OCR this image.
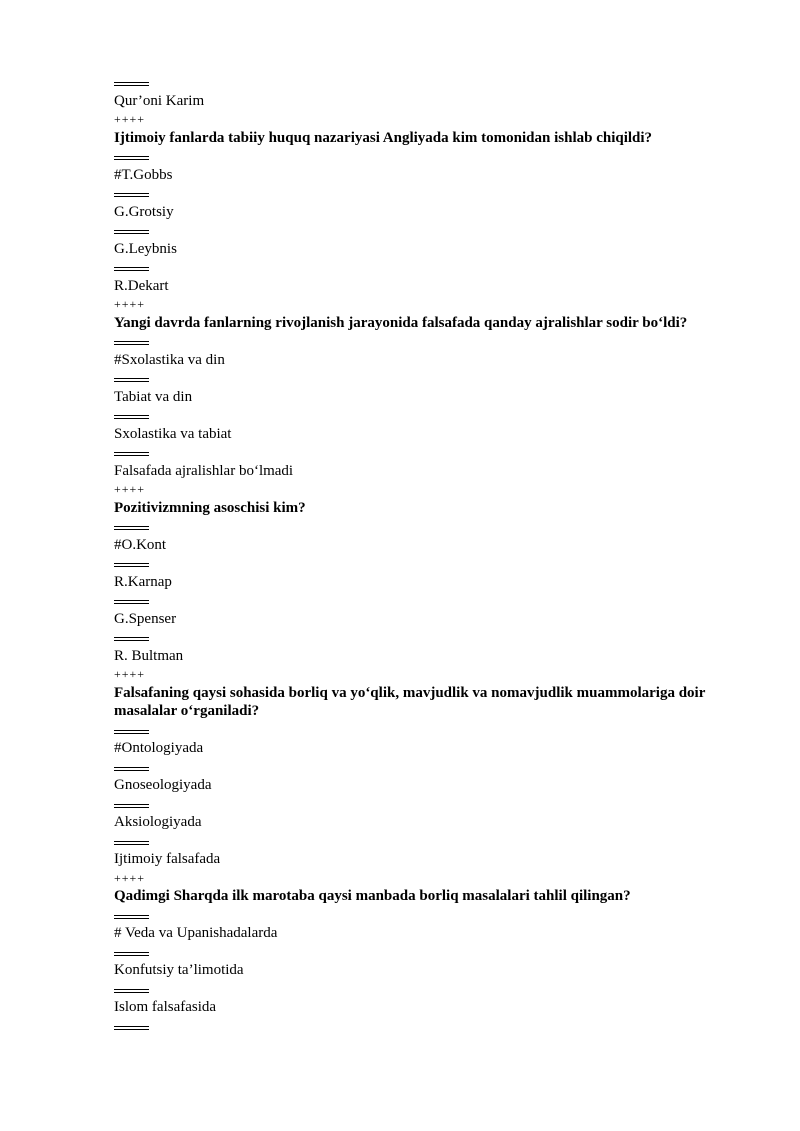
Qur’oni Karim
++++
Ijtimoiy fanlarda tabiiy huquq nazariyasi Angliyada kim tomonidan ishlab chiqildi?
#T.Gobbs
G.Grotsiy
G.Leybnis
R.Dekart
++++
Yangi davrda fanlarning rivojlanish jarayonida falsafada qanday ajralishlar sodir bo‘ldi?
#Sxolastika va din
Tabiat va din
Sxolastika va tabiat
Falsafada ajralishlar bo‘lmadi
++++
Pozitivizmning asoschisi kim?
#O.Kont
R.Karnap
G.Spenser
R. Bultman
++++
Falsafaning qaysi sohasida borliq va yo‘qlik, mavjudlik va nomavjudlik muammolariga doir masalalar o‘rganiladi?
#Ontologiyada
Gnoseologiyada
Aksiologiyada
Ijtimoiy falsafada
++++
Qadimgi Sharqda ilk marotaba qaysi manbada borliq masalalari tahlil qilingan?
# Veda va Upanishadalarda
Konfutsiy ta’limotida
Islom falsafasida
